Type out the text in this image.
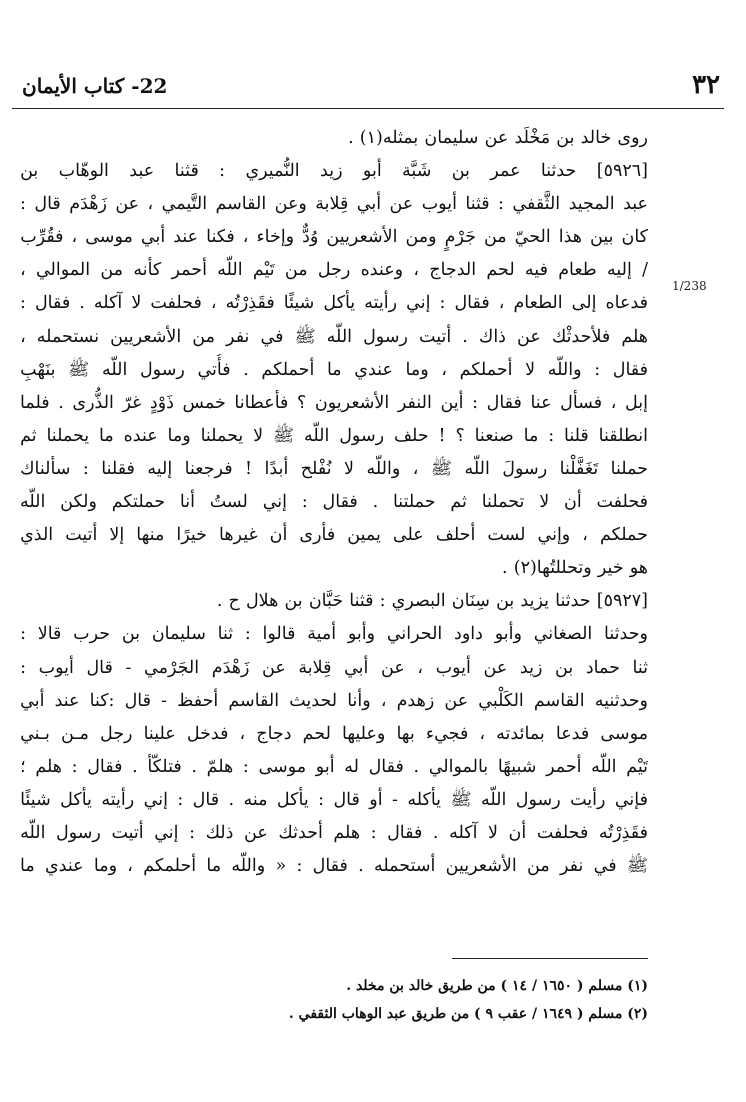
٣٢
22- كتاب الأيمان
1/238
روى
خالد
بن
مَخْلَد
عن
سليمان
بمثله(١)
.
[٥٩٢٦]
حدثنا
عمر
بن
شَبَّة
أبو
زيد
النُّميري
:
قثنا
عبد
الوهّاب
بن
عبد
المجيد
الثَّقفي
:
قثنا
أيوب
عن
أبي
قِلابة
وعن
القاسم
التَّيمي
،
عن
زَهْدَم
قال
:
كان
بين
هذا
الحيّ
من
جَرْمٍ
ومن
الأشعريين
وُدٌّ
وإخاء
،
فكنا
عند
أبي
موسى
،
فقُرِّب
/
إليه
طعام
فيه
لحم
الدجاج
،
وعنده
رجل
من
تَيْم
اللّه
أحمر
كأنه
من
الموالي
،
فدعاه
إلى
الطعام
،
فقال
:
إني
رأيته
يأكل
شيئًا
فقَذِرْتُه
،
فحلفت
لا
آكله
.
فقال
:
هلم
فلأحدثْك
عن
ذاك
.
أتيت
رسول
اللّه
ﷺ
في
نفر
من
الأشعريين
نستحمله
،
فقال
:
واللّه
لا
أحملكم
،
وما
عندي
ما
أحملكم
.
فأُتي
رسول
اللّه
ﷺ
بنَهْبِ
إبل
،
فسأل
عنا
فقال
:
أين
النفر
الأشعريون
؟
فأعطانا
خمس
ذَوْدٍ
غرّ
الذُّرى
.
فلما
انطلقنا
قلنا
:
ما
صنعنا
؟
!
حلف
رسول
اللّه
ﷺ
لا
يحملنا
وما
عنده
ما
يحملنا
ثم
حملنا
تَغَفَّلْنا
رسولَ
اللّه
ﷺ
،
واللّه
لا
نُفْلح
أبدًا
!
فرجعنا
إليه
فقلنا
:
سألناك
فحلفت
أن
لا
تحملنا
ثم
حملتنا
.
فقال
:
إني
لستُ
أنا
حملتكم
ولكن
اللّه
حملكم
،
وإني
لست
أحلف
على
يمين
فأرى
أن
غيرها
خيرًا
منها
إلا
أتيت
الذي
هو
خير
وتحللتُها(٢)
.
[٥٩٢٧]
حدثنا
يزيد
بن
سِنَان
البصري
:
قثنا
حَبَّان
بن
هلال
ح
.
وحدثنا
الصغاني
وأبو
داود
الحراني
وأبو
أمية
قالوا
:
ثنا
سليمان
بن
حرب
قالا
:
ثنا
حماد
بن
زيد
عن
أيوب
،
عن
أبي
قِلابة
عن
زَهْدَم
الجَرْمي
-
قال
أيوب
:
وحدثنيه
القاسم
الكَلْبي
عن
زهدم
،
وأنا
لحديث
القاسم
أحفظ
-
قال
:كنا
عند
أبي
موسى
فدعا
بمائدته
،
فجيء
بها
وعليها
لحم
دجاج
،
فدخل
علينا
رجل
مـن
بـني
تَيْم
اللّه
أحمر
شبيهًا
بالموالي
.
فقال
له
أبو
موسى
:
هلمّ
.
فتلكّأ
.
فقال
:
هلم
؛
فإني
رأيت
رسول
اللّه
ﷺ
يأكله
-
أو
قال
:
يأكل
منه
.
قال
:
إني
رأيته
يأكل
شيئًا
فقَذِرْتُه
فحلفت
أن
لا
آكله
.
فقال
:
هلم
أحدثك
عن
ذلك
:
إني
أتيت
رسول
اللّه
ﷺ
في
نفر
من
الأشعريين
أستحمله
.
فقال
:
«
واللّه
ما
أحلمكم
،
وما
عندي
ما
(١) مسلم ( ١٦٥٠ / ١٤ ) من طريق خالد بن مخلد .
(٢) مسلم ( ١٦٤٩ / عقب ٩ ) من طريق عبد الوهاب الثقفي .
